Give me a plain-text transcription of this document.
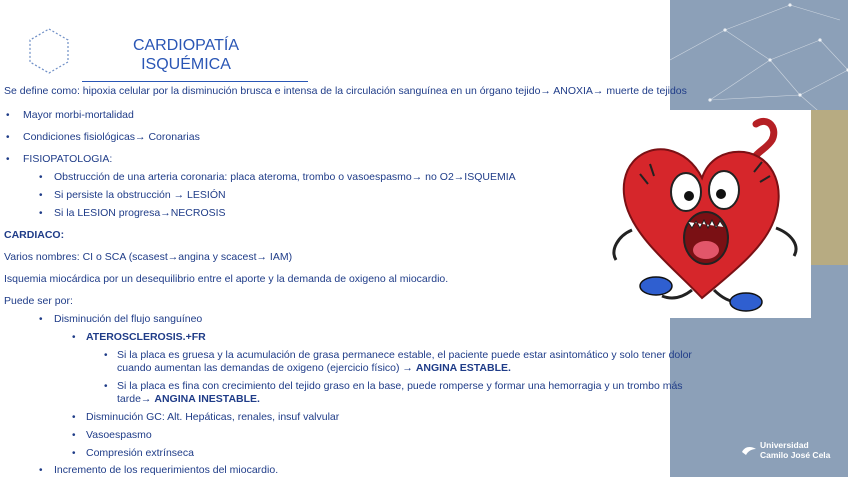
CARDIOPATÍA
ISQUÉMICA
Se define como: hipoxia celular por la disminución brusca e intensa de la circulación sanguínea en un órgano tejido→ ANOXIA→ muerte de tejidos
• Mayor morbi-mortalidad
• Condiciones fisiológicas→ Coronarias
• FISIOPATOLOGIA:
• Obstrucción de una arteria coronaria: placa ateroma, trombo o vasoespasmo→ no O2→ISQUEMIA
• Si persiste la obstrucción → LESIÓN
• Si la LESION progresa→NECROSIS
CARDIACO:
Varios nombres: CI o SCA (scasest→angina y scacest→ IAM)
Isquemia miocárdica por un desequilibrio entre el aporte y la demanda de oxigeno al miocardio.
Puede ser por:
• Disminución del flujo sanguíneo
• ATEROSCLEROSIS.+FR
• Si la placa es gruesa y la acumulación de grasa permanece estable, el paciente puede estar asintomático y solo tener dolor
cuando aumentan las demandas de oxigeno (ejercicio físico) → ANGINA ESTABLE.
• Si la placa es fina con crecimiento del tejido graso en la base, puede romperse y formar una hemorragia y un trombo más
tarde→ ANGINA INESTABLE.
• Disminución GC: Alt. Hepáticas, renales, insuf valvular
• Vasoespasmo
• Compresión extrínseca
• Incremento de los requerimientos del miocardio.
Universidad
Camilo José Cela
